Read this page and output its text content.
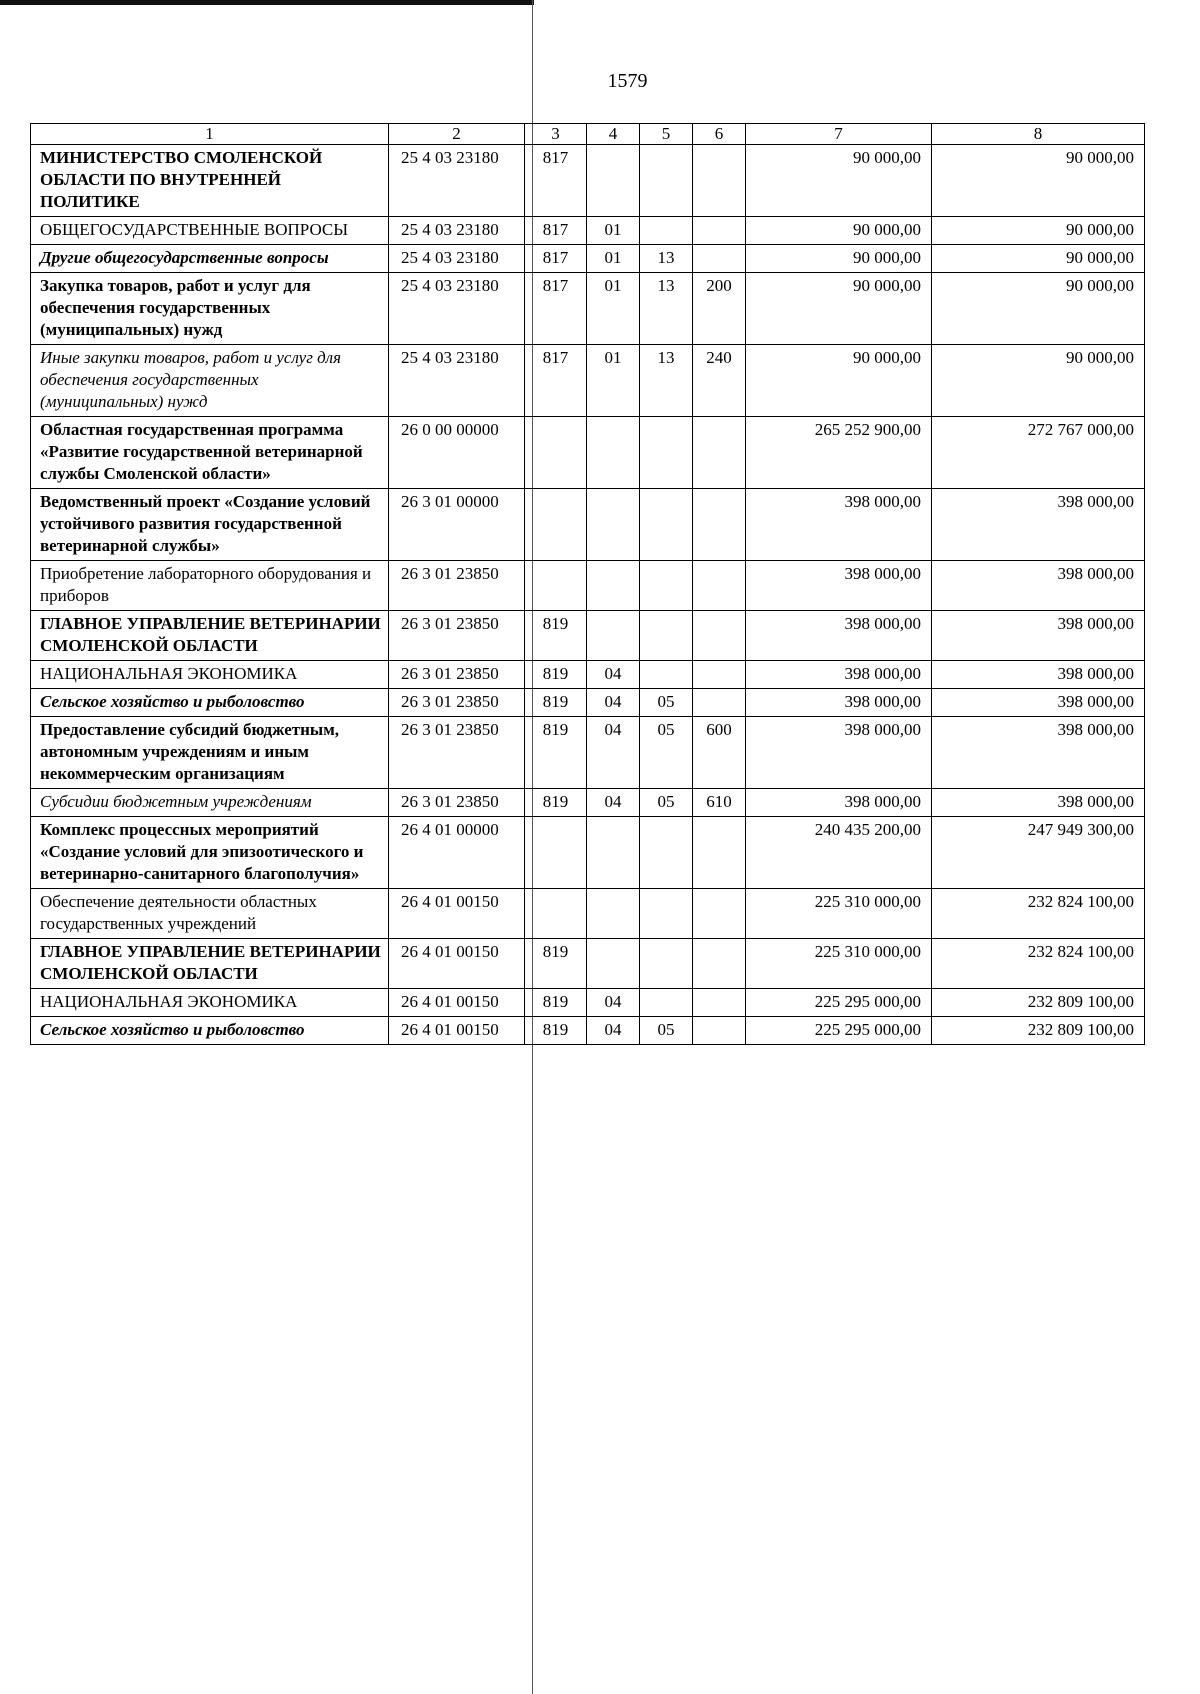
1579
1	2	3	4	5	6	7	8
МИНИСТЕРСТВО СМОЛЕНСКОЙ ОБЛАСТИ ПО ВНУТРЕННЕЙ ПОЛИТИКЕ	25 4 03 23180	817				90 000,00	90 000,00
ОБЩЕГОСУДАРСТВЕННЫЕ ВОПРОСЫ	25 4 03 23180	817	01			90 000,00	90 000,00
Другие общегосударственные вопросы	25 4 03 23180	817	01	13		90 000,00	90 000,00
Закупка товаров, работ и услуг для обеспечения государственных (муниципальных) нужд	25 4 03 23180	817	01	13	200	90 000,00	90 000,00
Иные закупки товаров, работ и услуг для обеспечения государственных (муниципальных) нужд	25 4 03 23180	817	01	13	240	90 000,00	90 000,00
Областная государственная программа «Развитие государственной ветеринарной службы Смоленской области»	26 0 00 00000					265 252 900,00	272 767 000,00
Ведомственный проект «Создание условий устойчивого развития государственной ветеринарной службы»	26 3 01 00000					398 000,00	398 000,00
Приобретение лабораторного оборудования и приборов	26 3 01 23850					398 000,00	398 000,00
ГЛАВНОЕ УПРАВЛЕНИЕ ВЕТЕРИНАРИИ СМОЛЕНСКОЙ ОБЛАСТИ	26 3 01 23850	819				398 000,00	398 000,00
НАЦИОНАЛЬНАЯ ЭКОНОМИКА	26 3 01 23850	819	04			398 000,00	398 000,00
Сельское хозяйство и рыболовство	26 3 01 23850	819	04	05		398 000,00	398 000,00
Предоставление субсидий бюджетным, автономным учреждениям и иным некоммерческим организациям	26 3 01 23850	819	04	05	600	398 000,00	398 000,00
Субсидии бюджетным учреждениям	26 3 01 23850	819	04	05	610	398 000,00	398 000,00
Комплекс процессных мероприятий «Создание условий для эпизоотического и ветеринарно-санитарного благополучия»	26 4 01 00000					240 435 200,00	247 949 300,00
Обеспечение деятельности областных государственных учреждений	26 4 01 00150					225 310 000,00	232 824 100,00
ГЛАВНОЕ УПРАВЛЕНИЕ ВЕТЕРИНАРИИ СМОЛЕНСКОЙ ОБЛАСТИ	26 4 01 00150	819				225 310 000,00	232 824 100,00
НАЦИОНАЛЬНАЯ ЭКОНОМИКА	26 4 01 00150	819	04			225 295 000,00	232 809 100,00
Сельское хозяйство и рыболовство	26 4 01 00150	819	04	05		225 295 000,00	232 809 100,00
